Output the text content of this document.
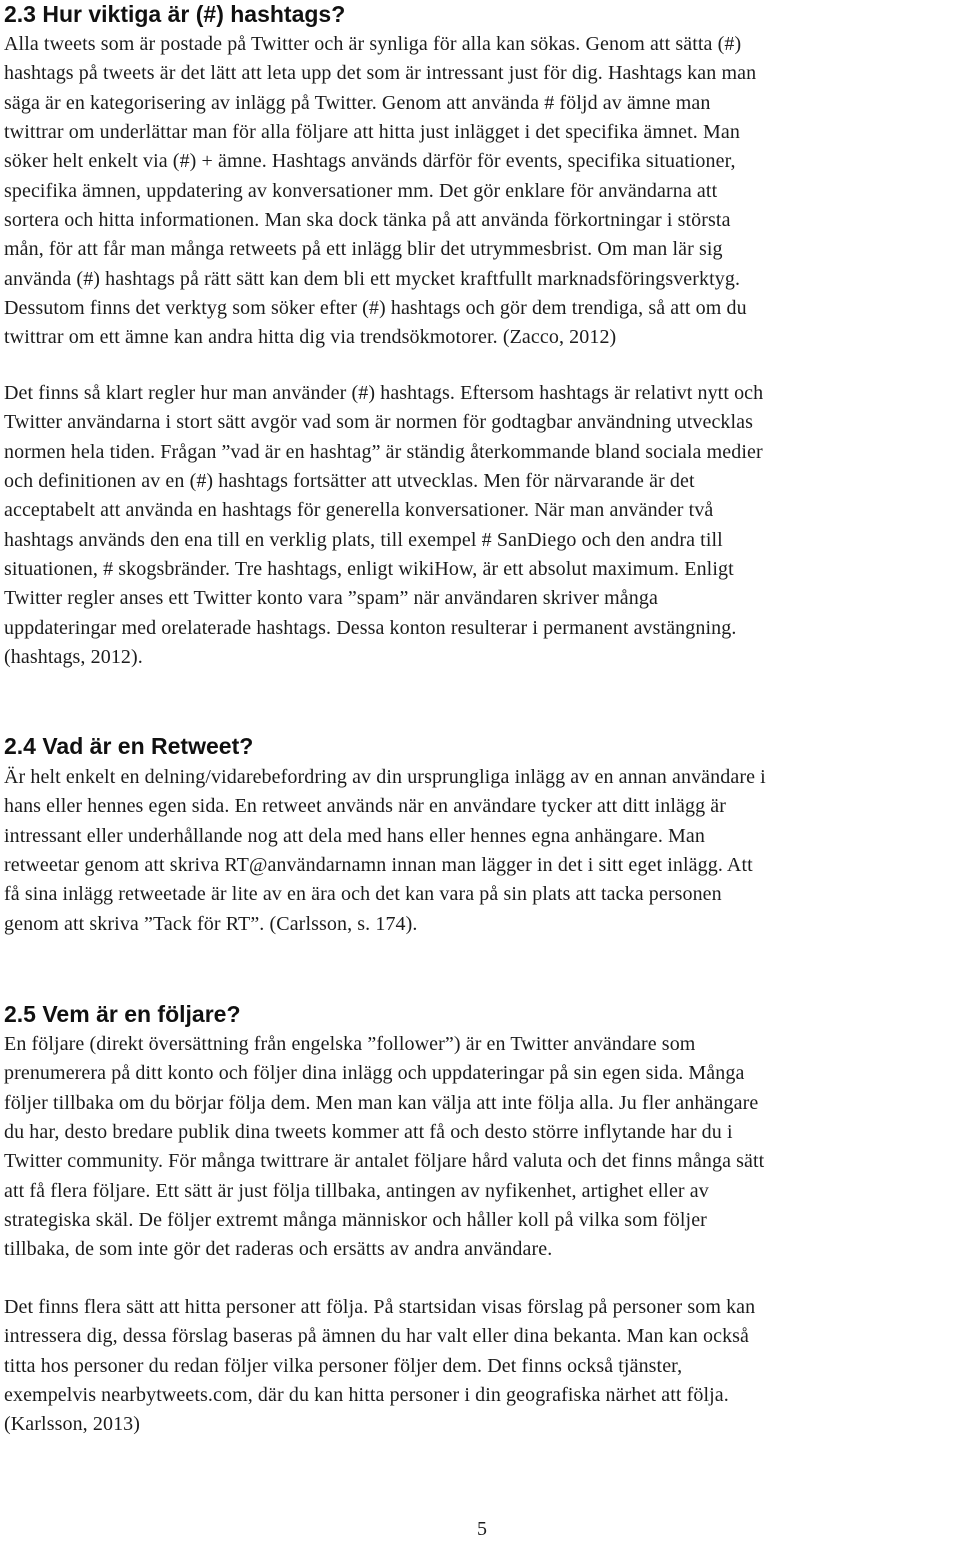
2.3 Hur viktiga är (#) hashtags?

Alla tweets som är postade på Twitter och är synliga för alla kan sökas. Genom att sätta (#)
hashtags på tweets är det lätt att leta upp det som är intressant just för dig. Hashtags kan man
säga är en kategorisering av inlägg på Twitter. Genom att använda # följd av ämne man
twittrar om underlättar man för alla följare att hitta just inlägget i det specifika ämnet. Man
söker helt enkelt via (#) + ämne. Hashtags används därför för events, specifika situationer,
specifika ämnen, uppdatering av konversationer mm. Det gör enklare för användarna att
sortera och hitta informationen. Man ska dock tänka på att använda förkortningar i största
mån, för att får man många retweets på ett inlägg blir det utrymmesbrist. Om man lär sig
använda (#) hashtags på rätt sätt kan dem bli ett mycket kraftfullt marknadsföringsverktyg.
Dessutom finns det verktyg som söker efter (#) hashtags och gör dem trendiga, så att om du
twittrar om ett ämne kan andra hitta dig via trendsökmotorer. (Zacco, 2012)

Det finns så klart regler hur man använder (#) hashtags. Eftersom hashtags är relativt nytt och
Twitter användarna i stort sätt avgör vad som är normen för godtagbar användning utvecklas
normen hela tiden. Frågan ”vad är en hashtag” är ständig återkommande bland sociala medier
och definitionen av en (#) hashtags fortsätter att utvecklas. Men för närvarande är det
acceptabelt att använda en hashtags för generella konversationer. När man använder två
hashtags används den ena till en verklig plats, till exempel # SanDiego och den andra till
situationen, # skogsbränder. Tre hashtags, enligt wikiHow, är ett absolut maximum. Enligt
Twitter regler anses ett Twitter konto vara ”spam” när användaren skriver många
uppdateringar med orelaterade hashtags. Dessa konton resulterar i permanent avstängning.
(hashtags, 2012).

2.4 Vad är en Retweet?

Är helt enkelt en delning/vidarebefordring av din ursprungliga inlägg av en annan användare i
hans eller hennes egen sida. En retweet används när en användare tycker att ditt inlägg är
intressant eller underhållande nog att dela med hans eller hennes egna anhängare. Man
retweetar genom att skriva RT@användarnamn innan man lägger in det i sitt eget inlägg. Att
få sina inlägg retweetade är lite av en ära och det kan vara på sin plats att tacka personen
genom att skriva ”Tack för RT”. (Carlsson, s. 174).

2.5 Vem är en följare?

En följare (direkt översättning från engelska ”follower”) är en Twitter användare som
prenumerera på ditt konto och följer dina inlägg och uppdateringar på sin egen sida. Många
följer tillbaka om du börjar följa dem. Men man kan välja att inte följa alla. Ju fler anhängare
du har, desto bredare publik dina tweets kommer att få och desto större inflytande har du i
Twitter community. För många twittrare är antalet följare hård valuta och det finns många sätt
att få flera följare. Ett sätt är just följa tillbaka, antingen av nyfikenhet, artighet eller av
strategiska skäl. De följer extremt många människor och håller koll på vilka som följer
tillbaka, de som inte gör det raderas och ersätts av andra användare.

Det finns flera sätt att hitta personer att följa. På startsidan visas förslag på personer som kan
intressera dig, dessa förslag baseras på ämnen du har valt eller dina bekanta. Man kan också
titta hos personer du redan följer vilka personer följer dem. Det finns också tjänster,
exempelvis nearbytweets.com, där du kan hitta personer i din geografiska närhet att följa.
(Karlsson, 2013)

5
